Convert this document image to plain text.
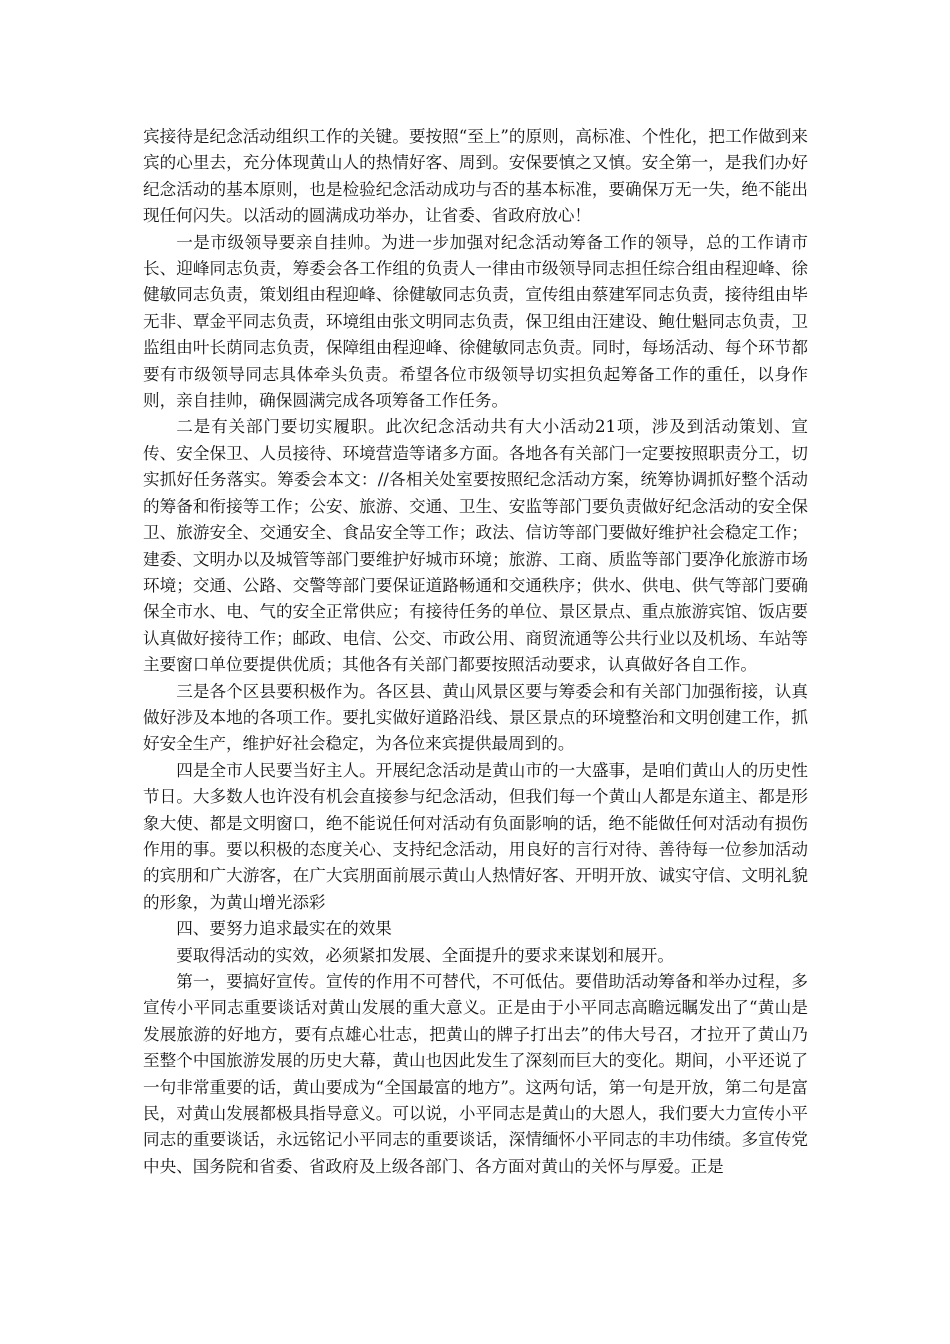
宾接待是纪念活动组织工作的关键。要按照“至上”的原则，高标准、个性化，把工作做到来宾的心里去，充分体现黄山人的热情好客、周到。安保要慎之又慎。安全第一，是我们办好纪念活动的基本原则，也是检验纪念活动成功与否的基本标准，要确保万无一失，绝不能出现任何闪失。以活动的圆满成功举办，让省委、省政府放心！

一是市级领导要亲自挂帅。为进一步加强对纪念活动筹备工作的领导，总的工作请市长、迎峰同志负责，筹委会各工作组的负责人一律由市级领导同志担任综合组由程迎峰、徐健敏同志负责，策划组由程迎峰、徐健敏同志负责，宣传组由蔡建军同志负责，接待组由毕无非、覃金平同志负责，环境组由张文明同志负责，保卫组由汪建设、鲍仕魁同志负责，卫监组由叶长荫同志负责，保障组由程迎峰、徐健敏同志负责。同时，每场活动、每个环节都要有市级领导同志具体牵头负责。希望各位市级领导切实担负起筹备工作的重任，以身作则，亲自挂帅，确保圆满完成各项筹备工作任务。

二是有关部门要切实履职。此次纪念活动共有大小活动21项，涉及到活动策划、宣传、安全保卫、人员接待、环境营造等诸多方面。各地各有关部门一定要按照职责分工，切实抓好任务落实。筹委会本文：//各相关处室要按照纪念活动方案，统筹协调抓好整个活动的筹备和衔接等工作；公安、旅游、交通、卫生、安监等部门要负责做好纪念活动的安全保卫、旅游安全、交通安全、食品安全等工作；政法、信访等部门要做好维护社会稳定工作；建委、文明办以及城管等部门要维护好城市环境；旅游、工商、质监等部门要净化旅游市场环境；交通、公路、交警等部门要保证道路畅通和交通秩序；供水、供电、供气等部门要确保全市水、电、气的安全正常供应；有接待任务的单位、景区景点、重点旅游宾馆、饭店要认真做好接待工作；邮政、电信、公交、市政公用、商贸流通等公共行业以及机场、车站等主要窗口单位要提供优质；其他各有关部门都要按照活动要求，认真做好各自工作。

三是各个区县要积极作为。各区县、黄山风景区要与筹委会和有关部门加强衔接，认真做好涉及本地的各项工作。要扎实做好道路沿线、景区景点的环境整治和文明创建工作，抓好安全生产，维护好社会稳定，为各位来宾提供最周到的。

四是全市人民要当好主人。开展纪念活动是黄山市的一大盛事，是咱们黄山人的历史性节日。大多数人也许没有机会直接参与纪念活动，但我们每一个黄山人都是东道主、都是形象大使、都是文明窗口，绝不能说任何对活动有负面影响的话，绝不能做任何对活动有损伤作用的事。要以积极的态度关心、支持纪念活动，用良好的言行对待、善待每一位参加活动的宾朋和广大游客，在广大宾朋面前展示黄山人热情好客、开明开放、诚实守信、文明礼貌的形象，为黄山增光添彩

四、要努力追求最实在的效果

要取得活动的实效，必须紧扣发展、全面提升的要求来谋划和展开。

第一，要搞好宣传。宣传的作用不可替代，不可低估。要借助活动筹备和举办过程，多宣传小平同志重要谈话对黄山发展的重大意义。正是由于小平同志高瞻远瞩发出了“黄山是发展旅游的好地方，要有点雄心壮志，把黄山的牌子打出去”的伟大号召，才拉开了黄山乃至整个中国旅游发展的历史大幕，黄山也因此发生了深刻而巨大的变化。期间，小平还说了一句非常重要的话，黄山要成为“全国最富的地方”。这两句话，第一句是开放，第二句是富民，对黄山发展都极具指导意义。可以说，小平同志是黄山的大恩人，我们要大力宣传小平同志的重要谈话，永远铭记小平同志的重要谈话，深情缅怀小平同志的丰功伟绩。多宣传党中央、国务院和省委、省政府及上级各部门、各方面对黄山的关怀与厚爱。正是
